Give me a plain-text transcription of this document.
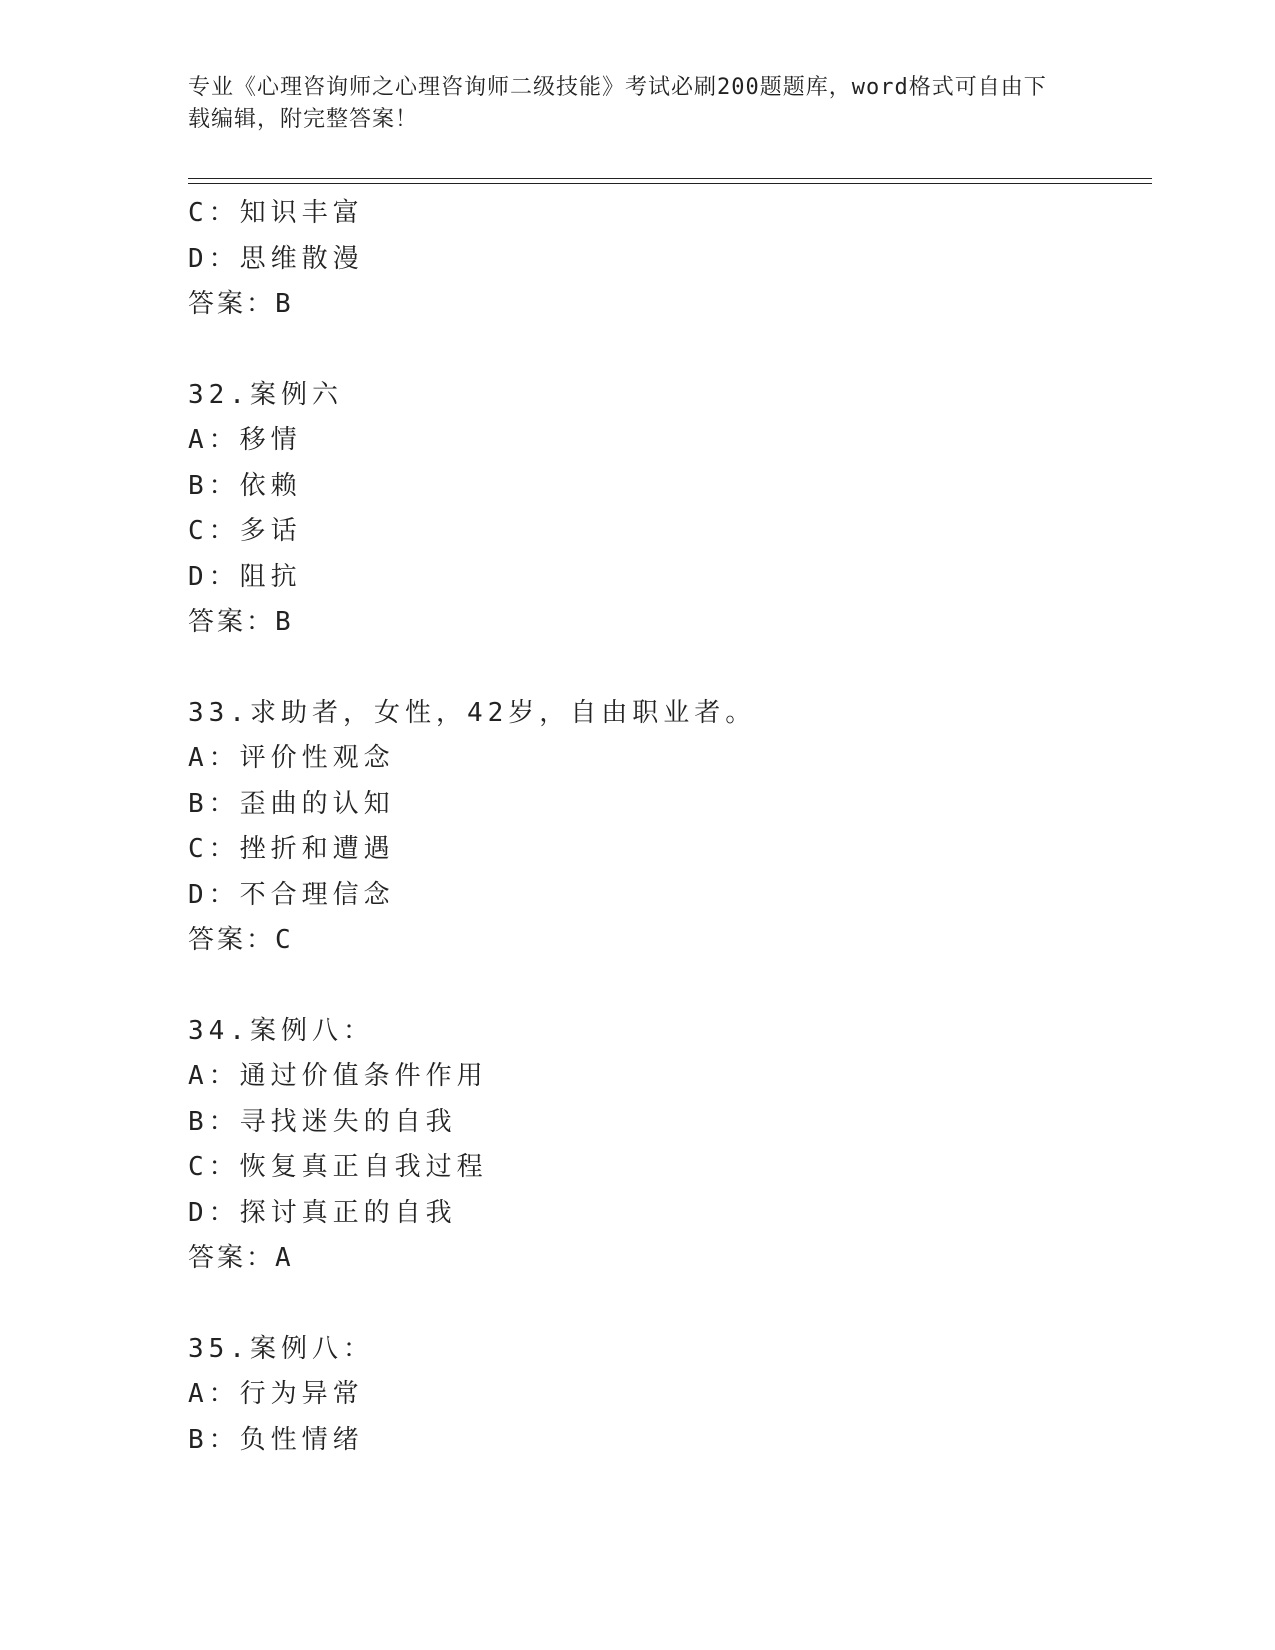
专业《心理咨询师之心理咨询师二级技能》考试必刷200题题库，word格式可自由下载编辑，附完整答案！
C：知识丰富
D：思维散漫
答案：B
32.案例六
A：移情
B：依赖
C：多话
D：阻抗
答案：B
33.求助者，女性，42岁，自由职业者。
A：评价性观念
B：歪曲的认知
C：挫折和遭遇
D：不合理信念
答案：C
34.案例八：
A：通过价值条件作用
B：寻找迷失的自我
C：恢复真正自我过程
D：探讨真正的自我
答案：A
35.案例八：
A：行为异常
B：负性情绪
